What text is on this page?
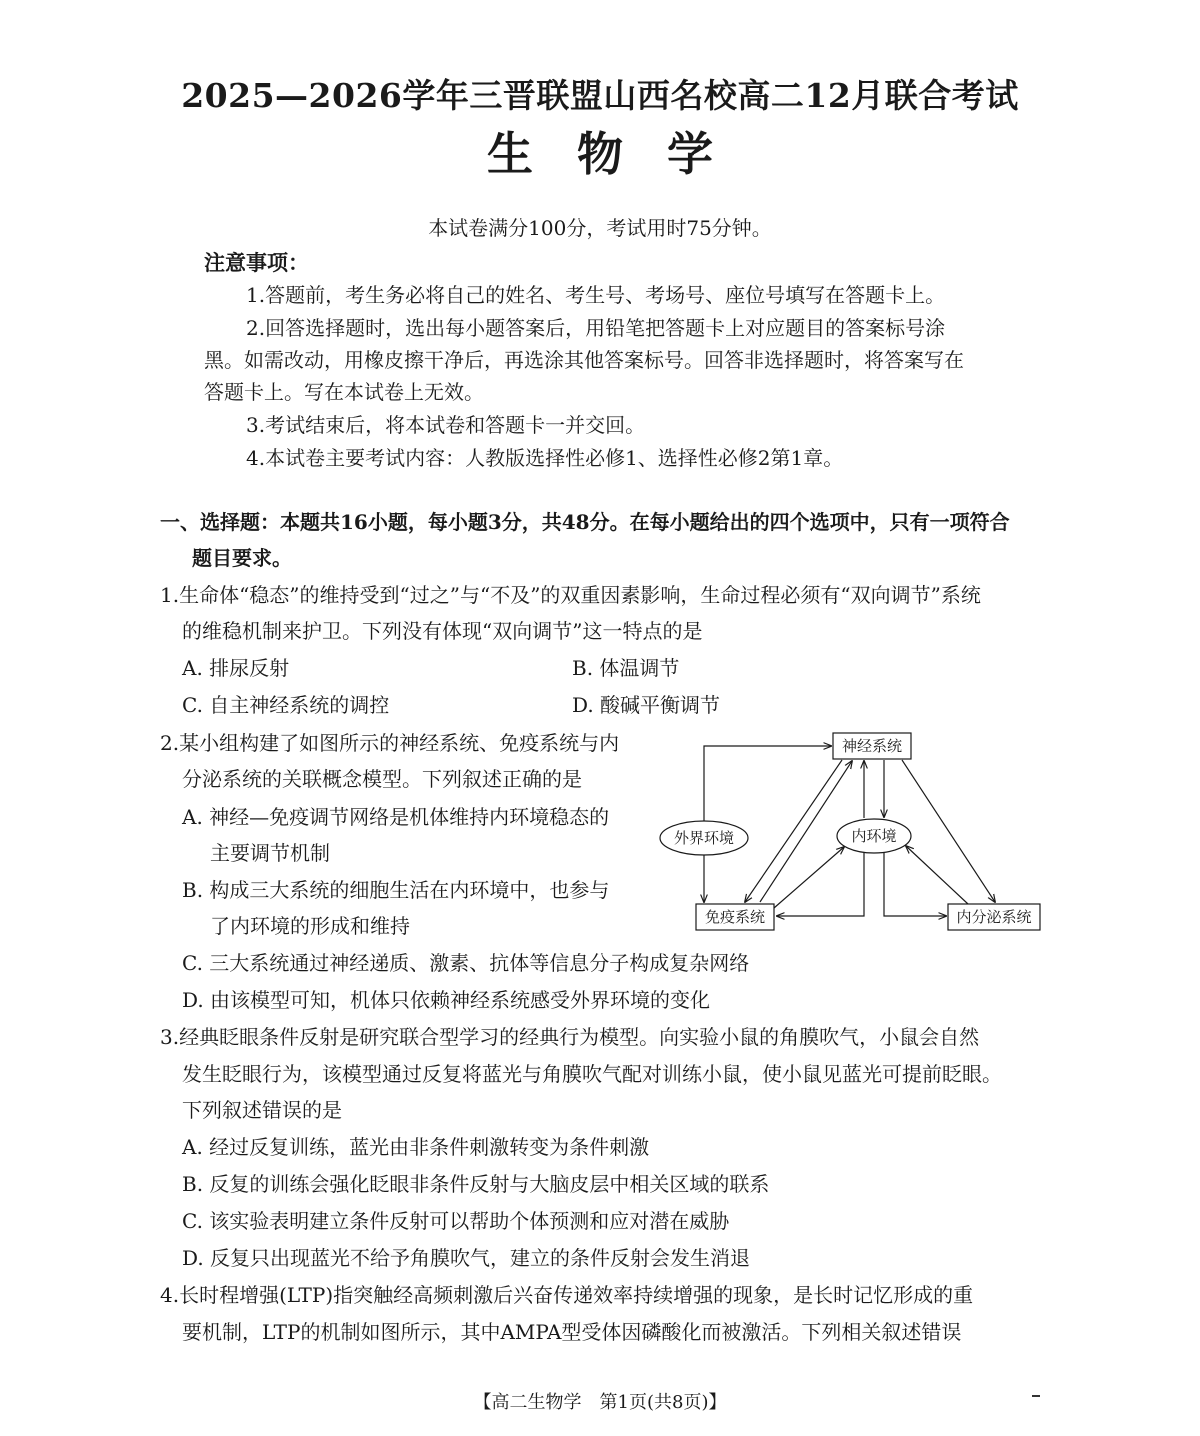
2025—2026学年三晋联盟山西名校高二12月联合考试
生物学
本试卷满分100分，考试用时75分钟。
注意事项：
1.答题前，考生务必将自己的姓名、考生号、考场号、座位号填写在答题卡上。
2.回答选择题时，选出每小题答案后，用铅笔把答题卡上对应题目的答案标号涂
黑。如需改动，用橡皮擦干净后，再选涂其他答案标号。回答非选择题时，将答案写在
答题卡上。写在本试卷上无效。
3.考试结束后，将本试卷和答题卡一并交回。
4.本试卷主要考试内容：人教版选择性必修1、选择性必修2第1章。
一、选择题：本题共16小题，每小题3分，共48分。在每小题给出的四个选项中，只有一项符合
题目要求。
1.生命体“稳态”的维持受到“过之”与“不及”的双重因素影响，生命过程必须有“双向调节”系统
的维稳机制来护卫。下列没有体现“双向调节”这一特点的是
A. 排尿反射	B. 体温调节
C. 自主神经系统的调控	D. 酸碱平衡调节
2.某小组构建了如图所示的神经系统、免疫系统与内
分泌系统的关联概念模型。下列叙述正确的是
A. 神经—免疫调节网络是机体维持内环境稳态的
主要调节机制
B. 构成三大系统的细胞生活在内环境中，也参与
了内环境的形成和维持
C. 三大系统通过神经递质、激素、抗体等信息分子构成复杂网络
D. 由该模型可知，机体只依赖神经系统感受外界环境的变化
神经系统
外界环境	内环境
免疫系统	内分泌系统
3.经典眨眼条件反射是研究联合型学习的经典行为模型。向实验小鼠的角膜吹气，小鼠会自然
发生眨眼行为，该模型通过反复将蓝光与角膜吹气配对训练小鼠，使小鼠见蓝光可提前眨眼。
下列叙述错误的是
A. 经过反复训练，蓝光由非条件刺激转变为条件刺激
B. 反复的训练会强化眨眼非条件反射与大脑皮层中相关区域的联系
C. 该实验表明建立条件反射可以帮助个体预测和应对潜在威胁
D. 反复只出现蓝光不给予角膜吹气，建立的条件反射会发生消退
4.长时程增强(LTP)指突触经高频刺激后兴奋传递效率持续增强的现象，是长时记忆形成的重
要机制，LTP的机制如图所示，其中AMPA型受体因磷酸化而被激活。下列相关叙述错误
【高二生物学　第1页(共8页)】
